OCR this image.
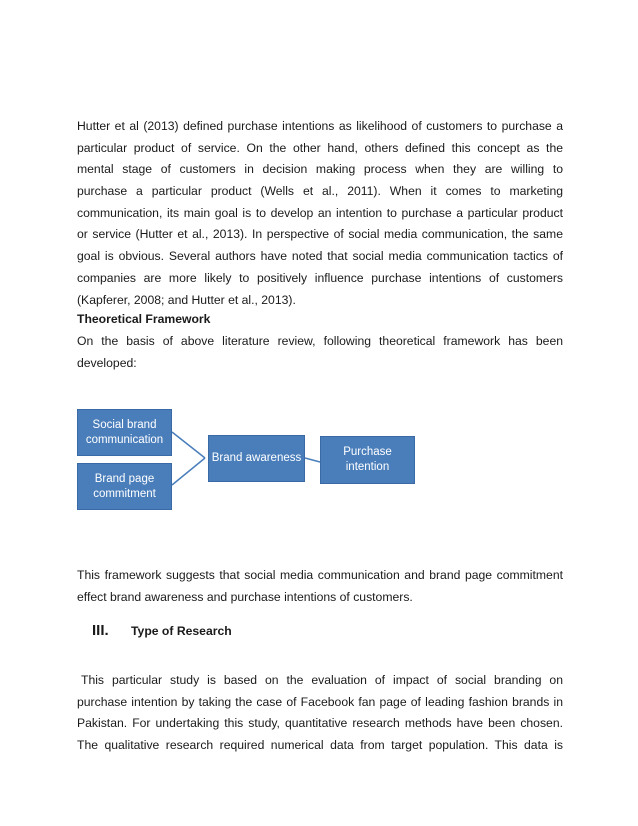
Hutter et al (2013) defined purchase intentions as likelihood of customers to purchase a
particular product of service. On the other hand, others defined this concept as the
mental stage of customers in decision making process when they are willing to
purchase a particular product (Wells et al., 2011). When it comes to marketing
communication, its main goal is to develop an intention to purchase a particular product
or service (Hutter et al., 2013). In perspective of social media communication, the same
goal is obvious. Several authors have noted that social media communication tactics of
companies are more likely to positively influence purchase intentions of customers
(Kapferer, 2008; and Hutter et al., 2013).
Theoretical Framework
On the basis of above literature review, following theoretical framework has been
developed:
Social brand communication
Brand page commitment
Brand awareness	Purchase intention
This framework suggests that social media communication and brand page commitment
effect brand awareness and purchase intentions of customers.
III. Type of Research
This particular study is based on the evaluation of impact of social branding on
purchase intention by taking the case of Facebook fan page of leading fashion brands in
Pakistan. For undertaking this study, quantitative research methods have been chosen.
The qualitative research required numerical data from target population. This data is
